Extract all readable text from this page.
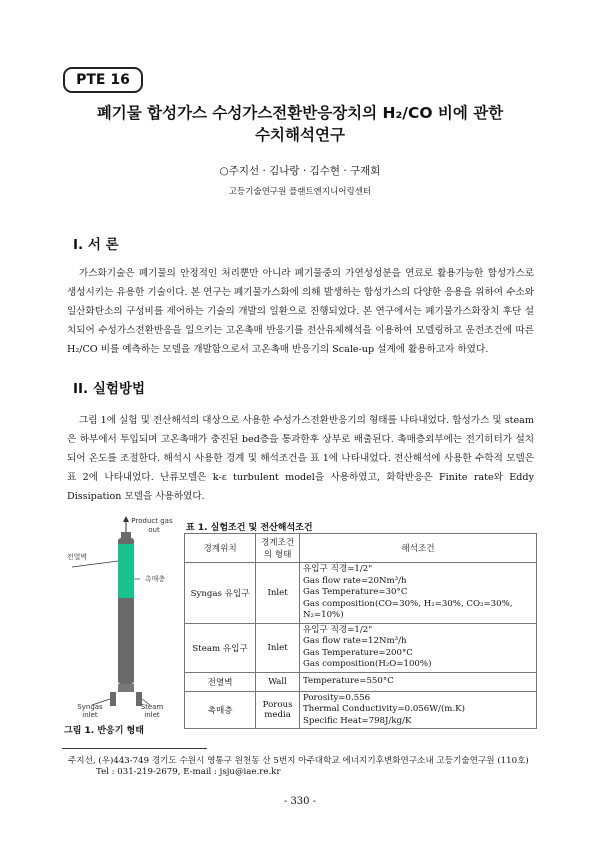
PTE 16
폐기물 합성가스 수성가스전환반응장치의 H₂/CO 비에 관한
수치해석연구
○주지선 · 김나랑 · 김수현 · 구재회
고등기술연구원 플랜트엔지니어링센터
I. 서 론

가스화기술은 폐기물의 안정적인 처리뿐만 아니라 폐기물중의 가연성성분을 연료로 활용가능한 합성가스로 생성시키는 유용한 기술이다. 본 연구는 폐기물가스화에 의해 발생하는 합성가스의 다양한 응용을 위하여 수소와 일산화탄소의 구성비를 제어하는 기술의 개발의 일환으로 진행되었다. 본 연구에서는 폐기물가스화장치 후단 설치되어 수성가스전환반응을 일으키는 고온촉매 반응기를 전산유체해석을 이용하여 모델링하고 운전조건에 따른 H₂/CO 비를 예측하는 모델을 개발함으로서 고온촉매 반응기의 Scale-up 설계에 활용하고자 하였다.

II. 실험방법

그림 1에 실험 및 전산해석의 대상으로 사용한 수성가스전환반응기의 형태를 나타내었다. 합성가스 및 steam은 하부에서 투입되며 고온촉매가 충진된 bed층을 통과한후 상부로 배출된다. 촉매층외부에는 전기히터가 설치되어 온도를 조절한다. 해석시 사용한 경계 및 해석조건을 표 1에 나타내었다. 전산해석에 사용한 수학적 모델은 표 2에 나타내었다. 난류모델은 k-ε turbulent model을 사용하였고, 화학반응은 Finite rate와 Eddy Dissipation 모델을 사용하였다.

Product gas
out
전열벽
촉매층
Syngas
inlet
Steam
inlet
그림 1. 반응기 형태
표 1. 실험조건 및 전산해석조건
경계위치	경계조건의 형태	해석조건
Syngas 유입구	Inlet	유입구 직경=1/2"
Gas flow rate=20Nm³/h
Gas Temperature=30°C
Gas composition(CO=30%, H₂=30%, CO₂=30%, N₂=10%)

Steam 유입구	Inlet	유입구 직경=1/2"
Gas flow rate=12Nm³/h
Gas Temperature=200°C
Gas composition(H₂O=100%)

전열벽	Wall	Temperature=550°C

촉매층	Porous media	Porosity=0.556
Thermal Conductivity=0.056W/(m.K)
Specific Heat=798J/kg/K
주지선, (우)443-749 경기도 수원시 영통구 원천동 산 5번지 아주대학교 에너지기후변화연구소내 고등기술연구원 (110호)
Tel : 031-219-2679, E-mail : jsju@iae.re.kr
- 330 -
